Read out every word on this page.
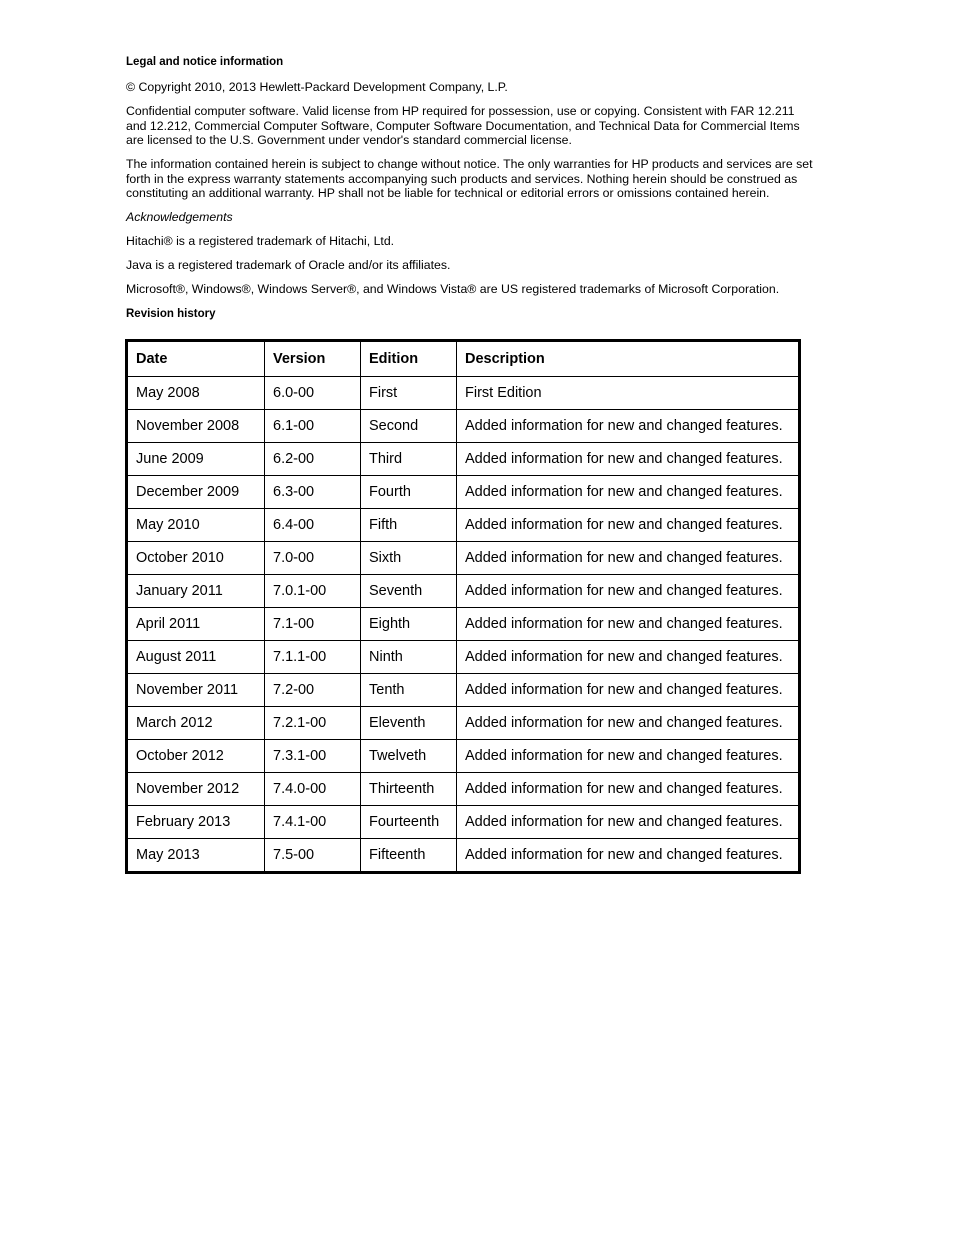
Legal and notice information

© Copyright 2010, 2013 Hewlett-Packard Development Company, L.P.

Confidential computer software. Valid license from HP required for possession, use or copying. Consistent with FAR 12.211 and 12.212, Commercial Computer Software, Computer Software Documentation, and Technical Data for Commercial Items are licensed to the U.S. Government under vendor's standard commercial license.

The information contained herein is subject to change without notice. The only warranties for HP products and services are set forth in the express warranty statements accompanying such products and services. Nothing herein should be construed as constituting an additional warranty. HP shall not be liable for technical or editorial errors or omissions contained herein.

Acknowledgements

Hitachi® is a registered trademark of Hitachi, Ltd.

Java is a registered trademark of Oracle and/or its affiliates.

Microsoft®, Windows®, Windows Server®, and Windows Vista® are US registered trademarks of Microsoft Corporation.

Revision history
Date	Version	Edition	Description
May 2008	6.0-00	First	First Edition
November 2008	6.1-00	Second	Added information for new and changed features.
June 2009	6.2-00	Third	Added information for new and changed features.
December 2009	6.3-00	Fourth	Added information for new and changed features.
May 2010	6.4-00	Fifth	Added information for new and changed features.
October 2010	7.0-00	Sixth	Added information for new and changed features.
January 2011	7.0.1-00	Seventh	Added information for new and changed features.
April 2011	7.1-00	Eighth	Added information for new and changed features.
August 2011	7.1.1-00	Ninth	Added information for new and changed features.
November 2011	7.2-00	Tenth	Added information for new and changed features.
March 2012	7.2.1-00	Eleventh	Added information for new and changed features.
October 2012	7.3.1-00	Twelveth	Added information for new and changed features.
November 2012	7.4.0-00	Thirteenth	Added information for new and changed features.
February 2013	7.4.1-00	Fourteenth	Added information for new and changed features.
May 2013	7.5-00	Fifteenth	Added information for new and changed features.
